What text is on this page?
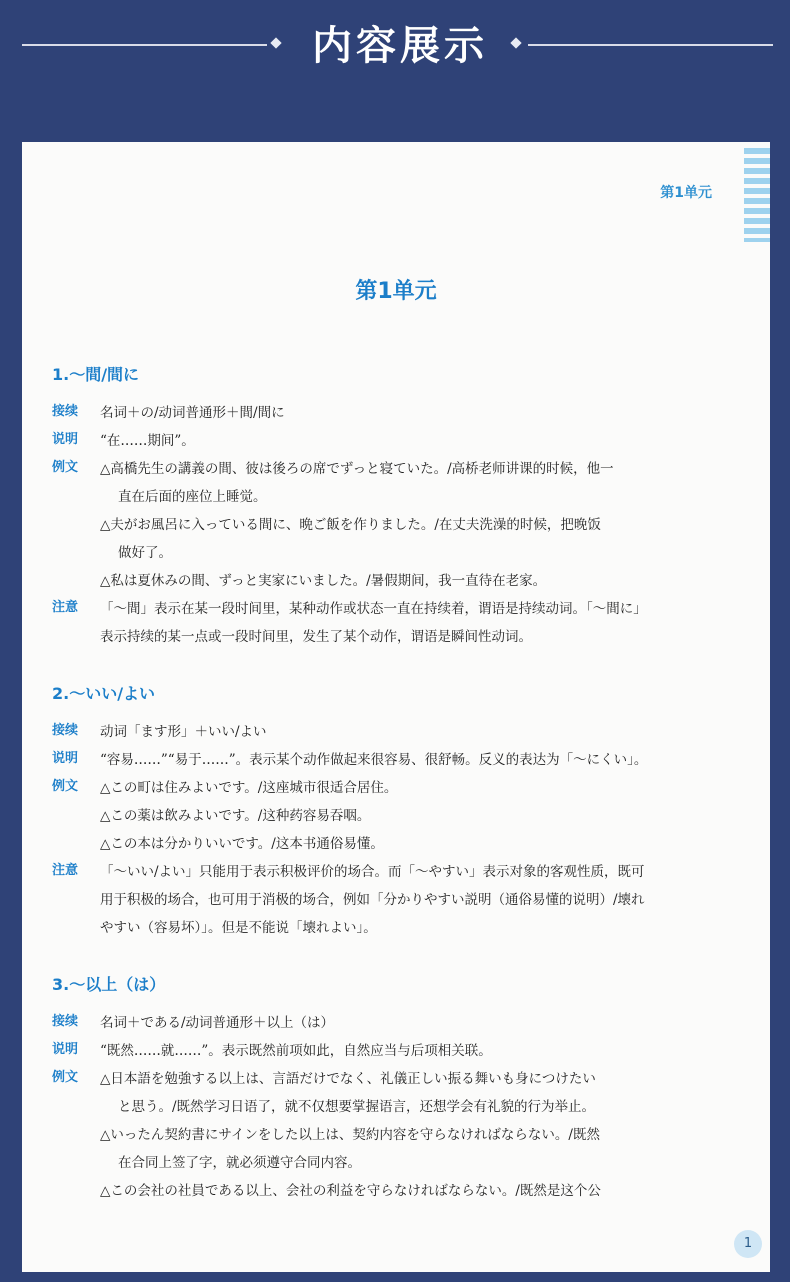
内容展示
第1单元
第1单元
1.～間/間に
接续	名词＋の/动词普通形＋間/間に

说明	“在……期间”。

例文	△高橋先生の講義の間、彼は後ろの席でずっと寝ていた。/高桥老师讲课的时候，他一

直在后面的座位上睡觉。

△夫がお風呂に入っている間に、晩ご飯を作りました。/在丈夫洗澡的时候，把晚饭

做好了。

△私は夏休みの間、ずっと実家にいました。/暑假期间，我一直待在老家。

注意	「～間」表示在某一段时间里，某种动作或状态一直在持续着，谓语是持续动词。「～間に」

表示持续的某一点或一段时间里，发生了某个动作，谓语是瞬间性动词。

2.～いい/よい
接续	动词「ます形」＋いい/よい

说明	“容易……”“易于……”。表示某个动作做起来很容易、很舒畅。反义的表达为「～にくい」。

例文	△この町は住みよいです。/这座城市很适合居住。

△この薬は飲みよいです。/这种药容易吞咽。

△この本は分かりいいです。/这本书通俗易懂。

注意	「～いい/よい」只能用于表示积极评价的场合。而「～やすい」表示对象的客观性质，既可

用于积极的场合，也可用于消极的场合，例如「分かりやすい説明（通俗易懂的说明）/壊れ

やすい（容易坏）」。但是不能说「壊れよい」。

3.～以上（は）
接续	名词＋である/动词普通形＋以上（は）

说明	“既然……就……”。表示既然前项如此，自然应当与后项相关联。

例文	△日本語を勉強する以上は、言語だけでなく、礼儀正しい振る舞いも身につけたい

と思う。/既然学习日语了，就不仅想要掌握语言，还想学会有礼貌的行为举止。

△いったん契約書にサインをした以上は、契約内容を守らなければならない。/既然

在合同上签了字，就必须遵守合同内容。

△この会社の社員である以上、会社の利益を守らなければならない。/既然是这个公

1
